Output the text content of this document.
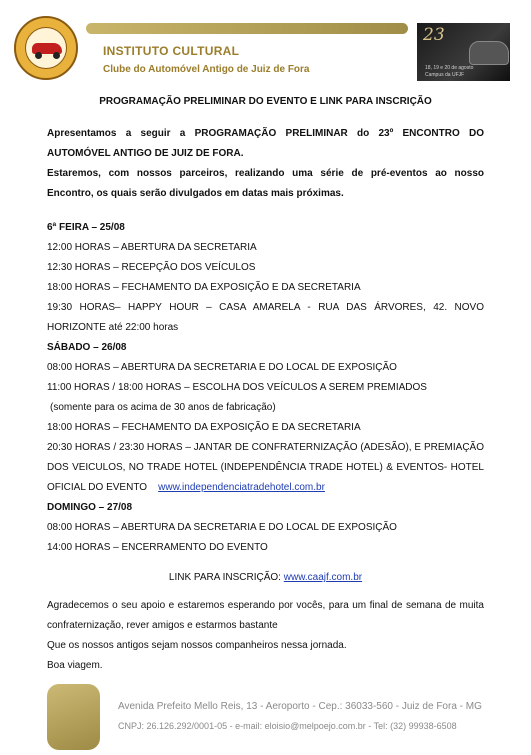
INSTITUTO CULTURAL
Clube do Automóvel Antigo de Juiz de Fora
23
18, 19 e 20 de agosto Campus da UFJF
PROGRAMAÇÃO PRELIMINAR DO EVENTO E LINK PARA INSCRIÇÃO

Apresentamos a seguir a PROGRAMAÇÃO PRELIMINAR do 23º ENCONTRO DO AUTOMÓVEL ANTIGO DE JUIZ DE FORA.

Estaremos, com nossos parceiros, realizando uma série de pré-eventos ao nosso Encontro, os quais serão divulgados em datas mais próximas.

6ª FEIRA – 25/08
12:00 HORAS – ABERTURA DA SECRETARIA
12:30 HORAS – RECEPÇÃO DOS VEÍCULOS
18:00 HORAS – FECHAMENTO DA EXPOSIÇÃO E DA SECRETARIA
19:30 HORAS– HAPPY HOUR – CASA AMARELA - RUA DAS ÁRVORES, 42. NOVO HORIZONTE até 22:00 horas
SÁBADO – 26/08
08:00 HORAS – ABERTURA DA SECRETARIA E DO LOCAL DE EXPOSIÇÃO
11:00 HORAS / 18:00 HORAS – ESCOLHA DOS VEÍCULOS A SEREM PREMIADOS
(somente para os acima de 30 anos de fabricação)
18:00 HORAS – FECHAMENTO DA EXPOSIÇÃO E DA SECRETARIA
20:30 HORAS / 23:30 HORAS – JANTAR DE CONFRATERNIZAÇÃO (ADESÃO), E PREMIAÇÃO DOS VEICULOS, NO TRADE HOTEL (INDEPENDÊNCIA TRADE HOTEL) & EVENTOS- HOTEL OFICIAL DO EVENTO www.independenciatradehotel.com.br
DOMINGO – 27/08
08:00 HORAS – ABERTURA DA SECRETARIA E DO LOCAL DE EXPOSIÇÃO
14:00 HORAS – ENCERRAMENTO DO EVENTO
LINK PARA INSCRIÇÃO: www.caajf.com.br

Agradecemos o seu apoio e estaremos esperando por vocês, para um final de semana de muita confraternização, rever amigos e estarmos bastante

Que os nossos antigos sejam nossos companheiros nessa jornada.

Boa viagem.

Avenida Prefeito Mello Reis, 13 - Aeroporto - Cep.: 36033-560 - Juiz de Fora - MG
CNPJ: 26.126.292/0001-05 - e-mail: eloisio@melpoejo.com.br - Tel: (32) 99938-6508
